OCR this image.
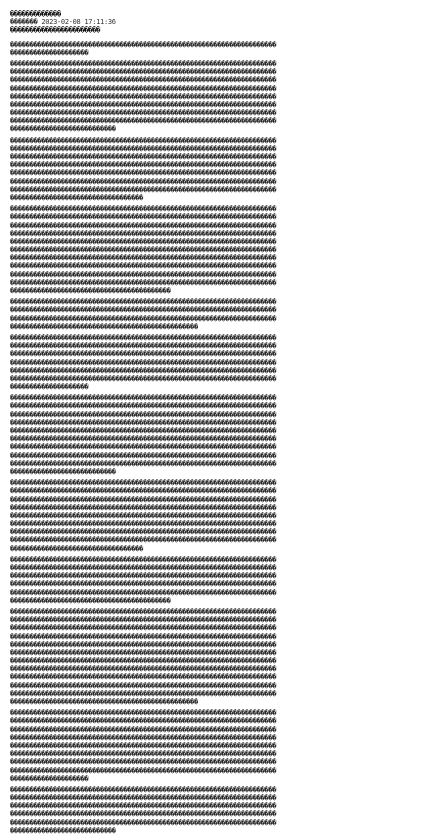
�������������
������� 2023-02-08 17:11:36
�����������������������
��������������������������������������������������������������������
��������������������
��������������������������������������������������������������������
��������������������������������������������������������������������
��������������������������������������������������������������������
��������������������������������������������������������������������
��������������������������������������������������������������������
��������������������������������������������������������������������
��������������������������������������������������������������������
��������������������������������������������������������������������
���������������������������
��������������������������������������������������������������������
��������������������������������������������������������������������
��������������������������������������������������������������������
��������������������������������������������������������������������
��������������������������������������������������������������������
��������������������������������������������������������������������
��������������������������������������������������������������������
����������������������������������
��������������������������������������������������������������������
��������������������������������������������������������������������
��������������������������������������������������������������������
��������������������������������������������������������������������
��������������������������������������������������������������������
��������������������������������������������������������������������
��������������������������������������������������������������������
��������������������������������������������������������������������
��������������������������������������������������������������������
��������������������������������������������������������������������
�����������������������������������������
��������������������������������������������������������������������
��������������������������������������������������������������������
��������������������������������������������������������������������
������������������������������������������������
��������������������������������������������������������������������
��������������������������������������������������������������������
��������������������������������������������������������������������
��������������������������������������������������������������������
��������������������������������������������������������������������
��������������������������������������������������������������������
��������������������
��������������������������������������������������������������������
��������������������������������������������������������������������
��������������������������������������������������������������������
��������������������������������������������������������������������
��������������������������������������������������������������������
��������������������������������������������������������������������
��������������������������������������������������������������������
��������������������������������������������������������������������
��������������������������������������������������������������������
���������������������������
��������������������������������������������������������������������
��������������������������������������������������������������������
��������������������������������������������������������������������
��������������������������������������������������������������������
��������������������������������������������������������������������
��������������������������������������������������������������������
��������������������������������������������������������������������
��������������������������������������������������������������������
����������������������������������
��������������������������������������������������������������������
��������������������������������������������������������������������
��������������������������������������������������������������������
��������������������������������������������������������������������
��������������������������������������������������������������������
�����������������������������������������
��������������������������������������������������������������������
��������������������������������������������������������������������
��������������������������������������������������������������������
��������������������������������������������������������������������
��������������������������������������������������������������������
��������������������������������������������������������������������
��������������������������������������������������������������������
��������������������������������������������������������������������
��������������������������������������������������������������������
��������������������������������������������������������������������
��������������������������������������������������������������������
������������������������������������������������
��������������������������������������������������������������������
��������������������������������������������������������������������
��������������������������������������������������������������������
��������������������������������������������������������������������
��������������������������������������������������������������������
��������������������������������������������������������������������
��������������������������������������������������������������������
��������������������������������������������������������������������
��������������������
��������������������������������������������������������������������
��������������������������������������������������������������������
��������������������������������������������������������������������
��������������������������������������������������������������������
��������������������������������������������������������������������
���������������������������
